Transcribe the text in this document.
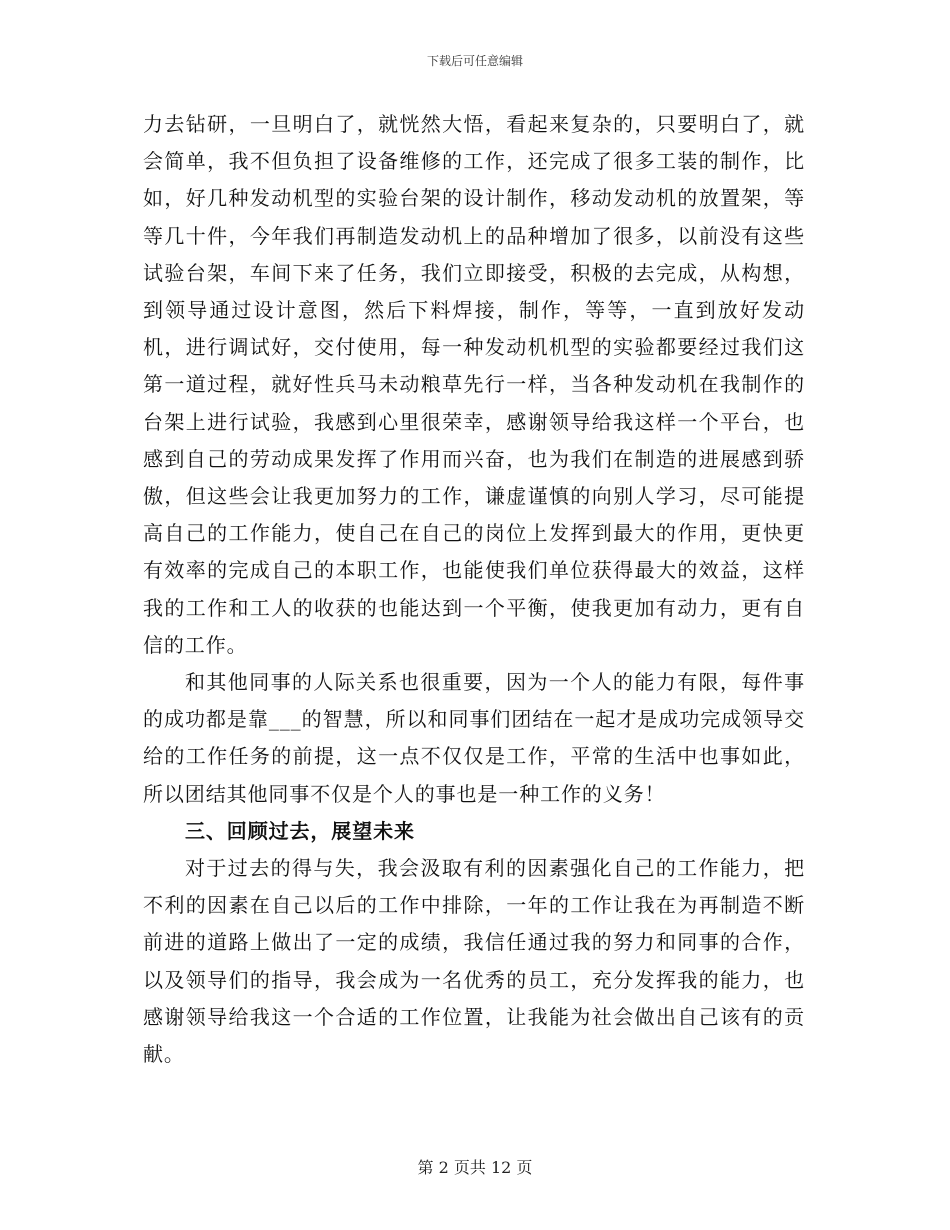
下载后可任意编辑

力去钻研，一旦明白了，就恍然大悟，看起来复杂的，只要明白了，就会简单，我不但负担了设备维修的工作，还完成了很多工装的制作，比如，好几种发动机型的实验台架的设计制作，移动发动机的放置架，等等几十件，今年我们再制造发动机上的品种增加了很多，以前没有这些试验台架，车间下来了任务，我们立即接受，积极的去完成，从构想，到领导通过设计意图，然后下料焊接，制作，等等，一直到放好发动机，进行调试好，交付使用，每一种发动机机型的实验都要经过我们这第一道过程，就好性兵马未动粮草先行一样，当各种发动机在我制作的台架上进行试验，我感到心里很荣幸，感谢领导给我这样一个平台，也感到自己的劳动成果发挥了作用而兴奋，也为我们在制造的进展感到骄傲，但这些会让我更加努力的工作，谦虚谨慎的向别人学习，尽可能提高自己的工作能力，使自己在自己的岗位上发挥到最大的作用，更快更有效率的完成自己的本职工作，也能使我们单位获得最大的效益，这样我的工作和工人的收获的也能达到一个平衡，使我更加有动力，更有自信的工作。

和其他同事的人际关系也很重要，因为一个人的能力有限，每件事的成功都是靠___的智慧，所以和同事们团结在一起才是成功完成领导交给的工作任务的前提，这一点不仅仅是工作，平常的生活中也事如此，所以团结其他同事不仅是个人的事也是一种工作的义务！

三、回顾过去，展望未来

对于过去的得与失，我会汲取有利的因素强化自己的工作能力，把不利的因素在自己以后的工作中排除，一年的工作让我在为再制造不断前进的道路上做出了一定的成绩，我信任通过我的努力和同事的合作，以及领导们的指导，我会成为一名优秀的员工，充分发挥我的能力，也感谢领导给我这一个合适的工作位置，让我能为社会做出自己该有的贡献。

第 2 页共 12 页
